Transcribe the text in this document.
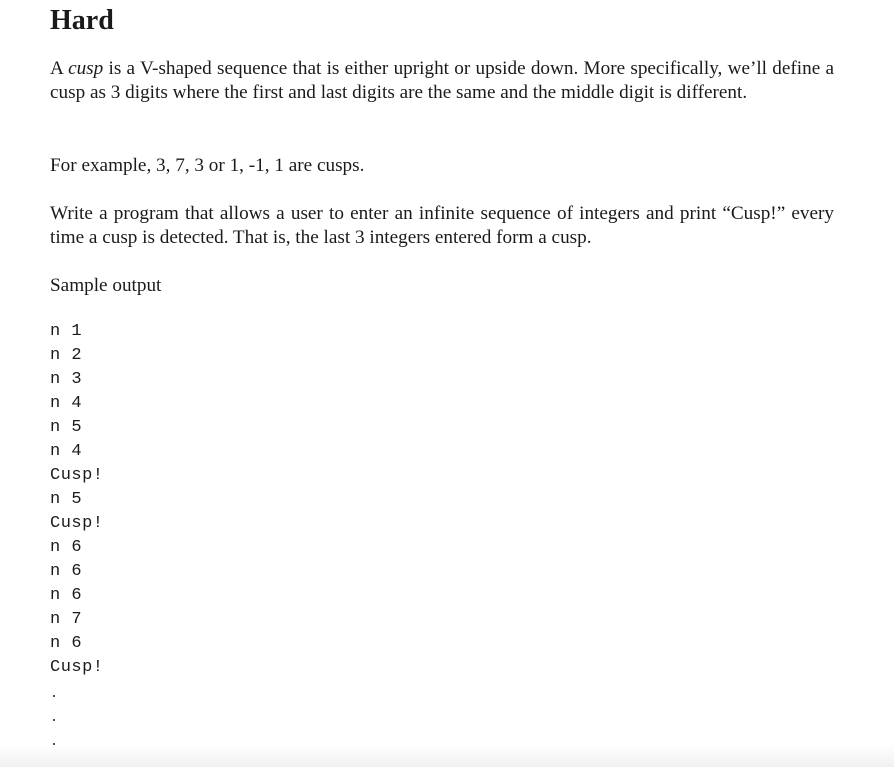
Hard

A cusp is a V-shaped sequence that is either upright or upside down. More specifically, we’ll define a cusp as 3 digits where the first and last digits are the same and the middle digit is different.

For example, 3, 7, 3 or 1, -1, 1 are cusps.

Write a program that allows a user to enter an infinite sequence of integers and print “Cusp!” every time a cusp is detected. That is, the last 3 integers entered form a cusp.

Sample output

n 1
n 2
n 3
n 4
n 5
n 4
Cusp!
n 5
Cusp!
n 6
n 6
n 6
n 7
n 6
Cusp!
